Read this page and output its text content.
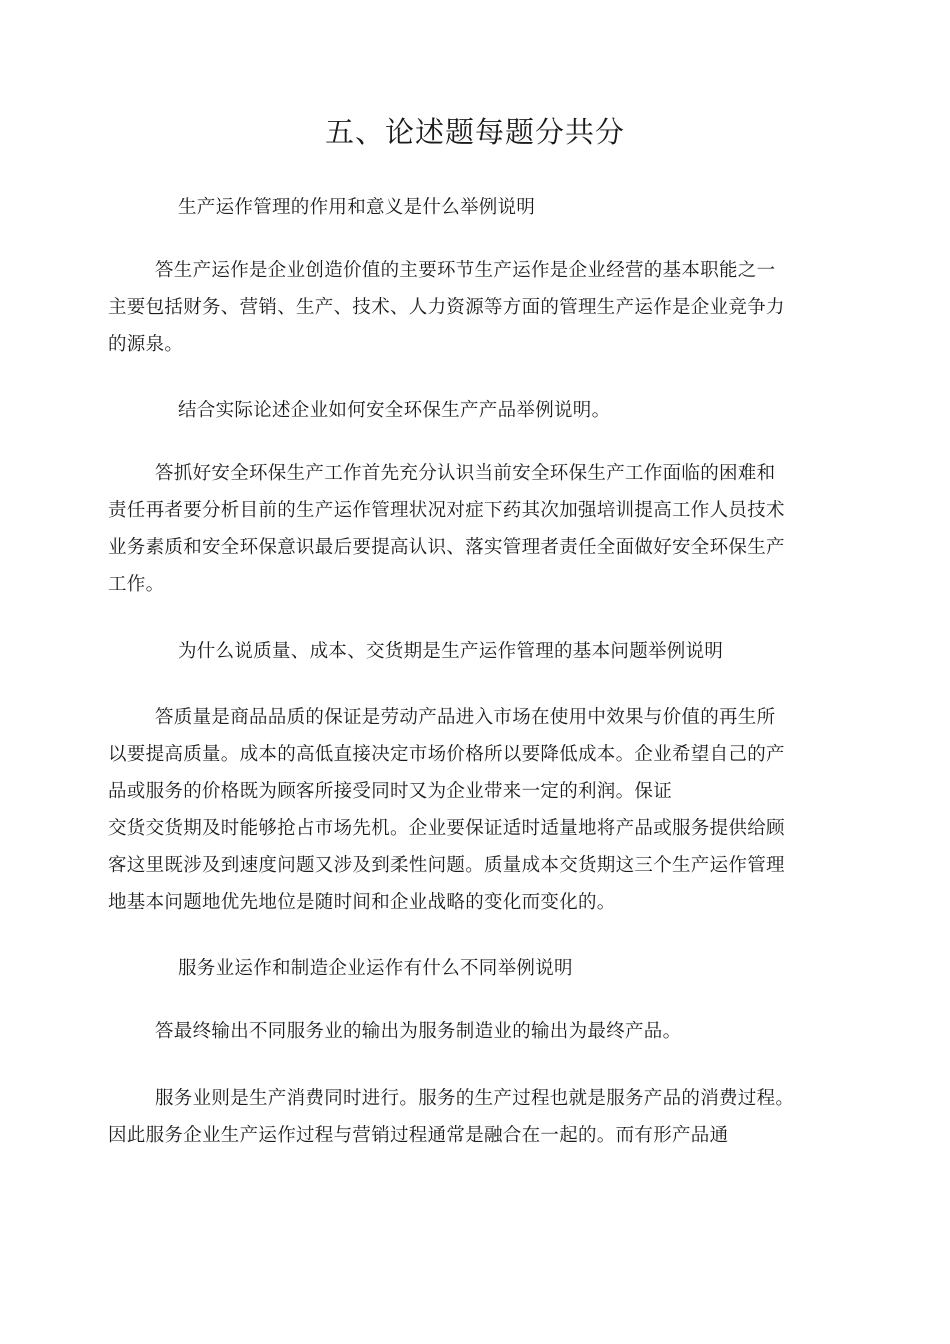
五、论述题每题分共分

生产运作管理的作用和意义是什么举例说明

答生产运作是企业创造价值的主要环节生产运作是企业经营的基本职能之一
主要包括财务、营销、生产、技术、人力资源等方面的管理生产运作是企业竞争力
的源泉。

结合实际论述企业如何安全环保生产产品举例说明。

答抓好安全环保生产工作首先充分认识当前安全环保生产工作面临的困难和
责任再者要分析目前的生产运作管理状况对症下药其次加强培训提高工作人员技术
业务素质和安全环保意识最后要提高认识、落实管理者责任全面做好安全环保生产
工作。

为什么说质量、成本、交货期是生产运作管理的基本问题举例说明

答质量是商品品质的保证是劳动产品进入市场在使用中效果与价值的再生所
以要提高质量。成本的高低直接决定市场价格所以要降低成本。企业希望自己的产
品或服务的价格既为顾客所接受同时又为企业带来一定的利润。保证
交货交货期及时能够抢占市场先机。企业要保证适时适量地将产品或服务提供给顾
客这里既涉及到速度问题又涉及到柔性问题。质量成本交货期这三个生产运作管理
地基本问题地优先地位是随时间和企业战略的变化而变化的。

服务业运作和制造企业运作有什么不同举例说明

答最终输出不同服务业的输出为服务制造业的输出为最终产品。
服务业则是生产消费同时进行。服务的生产过程也就是服务产品的消费过程。
因此服务企业生产运作过程与营销过程通常是融合在一起的。而有形产品通
